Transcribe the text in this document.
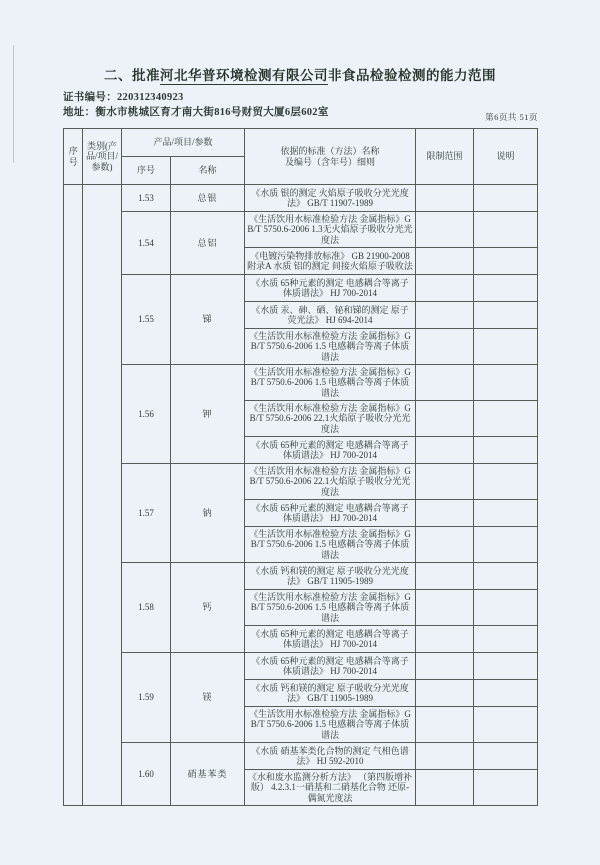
二、批准河北华普环境检测有限公司非食品检验检测的能力范围
证书编号：220312340923
地址：衡水市桃城区育才南大街816号财贸大厦6层602室	第6页共 51页
序号	类别(产品/项目/参数)	产品/项目/参数		依据的标准（方法）名称
及编号（含年号）细则	限制范围	说明
		序号	名称			
		1.53	总银	《水质 银的测定 火焰原子吸收分光光度法》 GB/T 11907-1989		
		1.54	总铝	《生活饮用水标准检验方法 金属指标》GB/T 5750.6-2006 1.3无火焰原子吸收分光光度法		
				《电镀污染物排放标准》 GB 21900-2008 附录A 水质 铝的测定 间接火焰原子吸收法		
		1.55	锑	《水质 65种元素的测定 电感耦合等离子体质谱法》 HJ 700-2014		
				《水质 汞、砷、硒、铋和锑的测定 原子荧光法》 HJ 694-2014		
				《生活饮用水标准检验方法 金属指标》GB/T 5750.6-2006 1.5 电感耦合等离子体质谱法		
		1.56	钾	《生活饮用水标准检验方法 金属指标》GB/T 5750.6-2006 1.5 电感耦合等离子体质谱法		
				《生活饮用水标准检验方法 金属指标》GB/T 5750.6-2006 22.1火焰原子吸收分光光度法		
				《水质 65种元素的测定 电感耦合等离子体质谱法》 HJ 700-2014		
		1.57	钠	《生活饮用水标准检验方法 金属指标》GB/T 5750.6-2006 22.1火焰原子吸收分光光度法		
				《水质 65种元素的测定 电感耦合等离子体质谱法》 HJ 700-2014		
				《生活饮用水标准检验方法 金属指标》GB/T 5750.6-2006 1.5 电感耦合等离子体质谱法		
		1.58	钙	《水质 钙和镁的测定 原子吸收分光光度法》 GB/T 11905-1989		
				《生活饮用水标准检验方法 金属指标》GB/T 5750.6-2006 1.5 电感耦合等离子体质谱法		
				《水质 65种元素的测定 电感耦合等离子体质谱法》 HJ 700-2014		
		1.59	镁	《水质 65种元素的测定 电感耦合等离子体质谱法》 HJ 700-2014		
				《水质 钙和镁的测定 原子吸收分光光度法》 GB/T 11905-1989		
				《生活饮用水标准检验方法 金属指标》GB/T 5750.6-2006 1.5 电感耦合等离子体质谱法		
		1.60	硝基苯类	《水质 硝基苯类化合物的测定 气相色谱法》 HJ 592-2010		
				《水和废水监测分析方法》 （第四版增补版） 4.2.3.1一硝基和二硝基化合物 还原-偶氮光度法		
